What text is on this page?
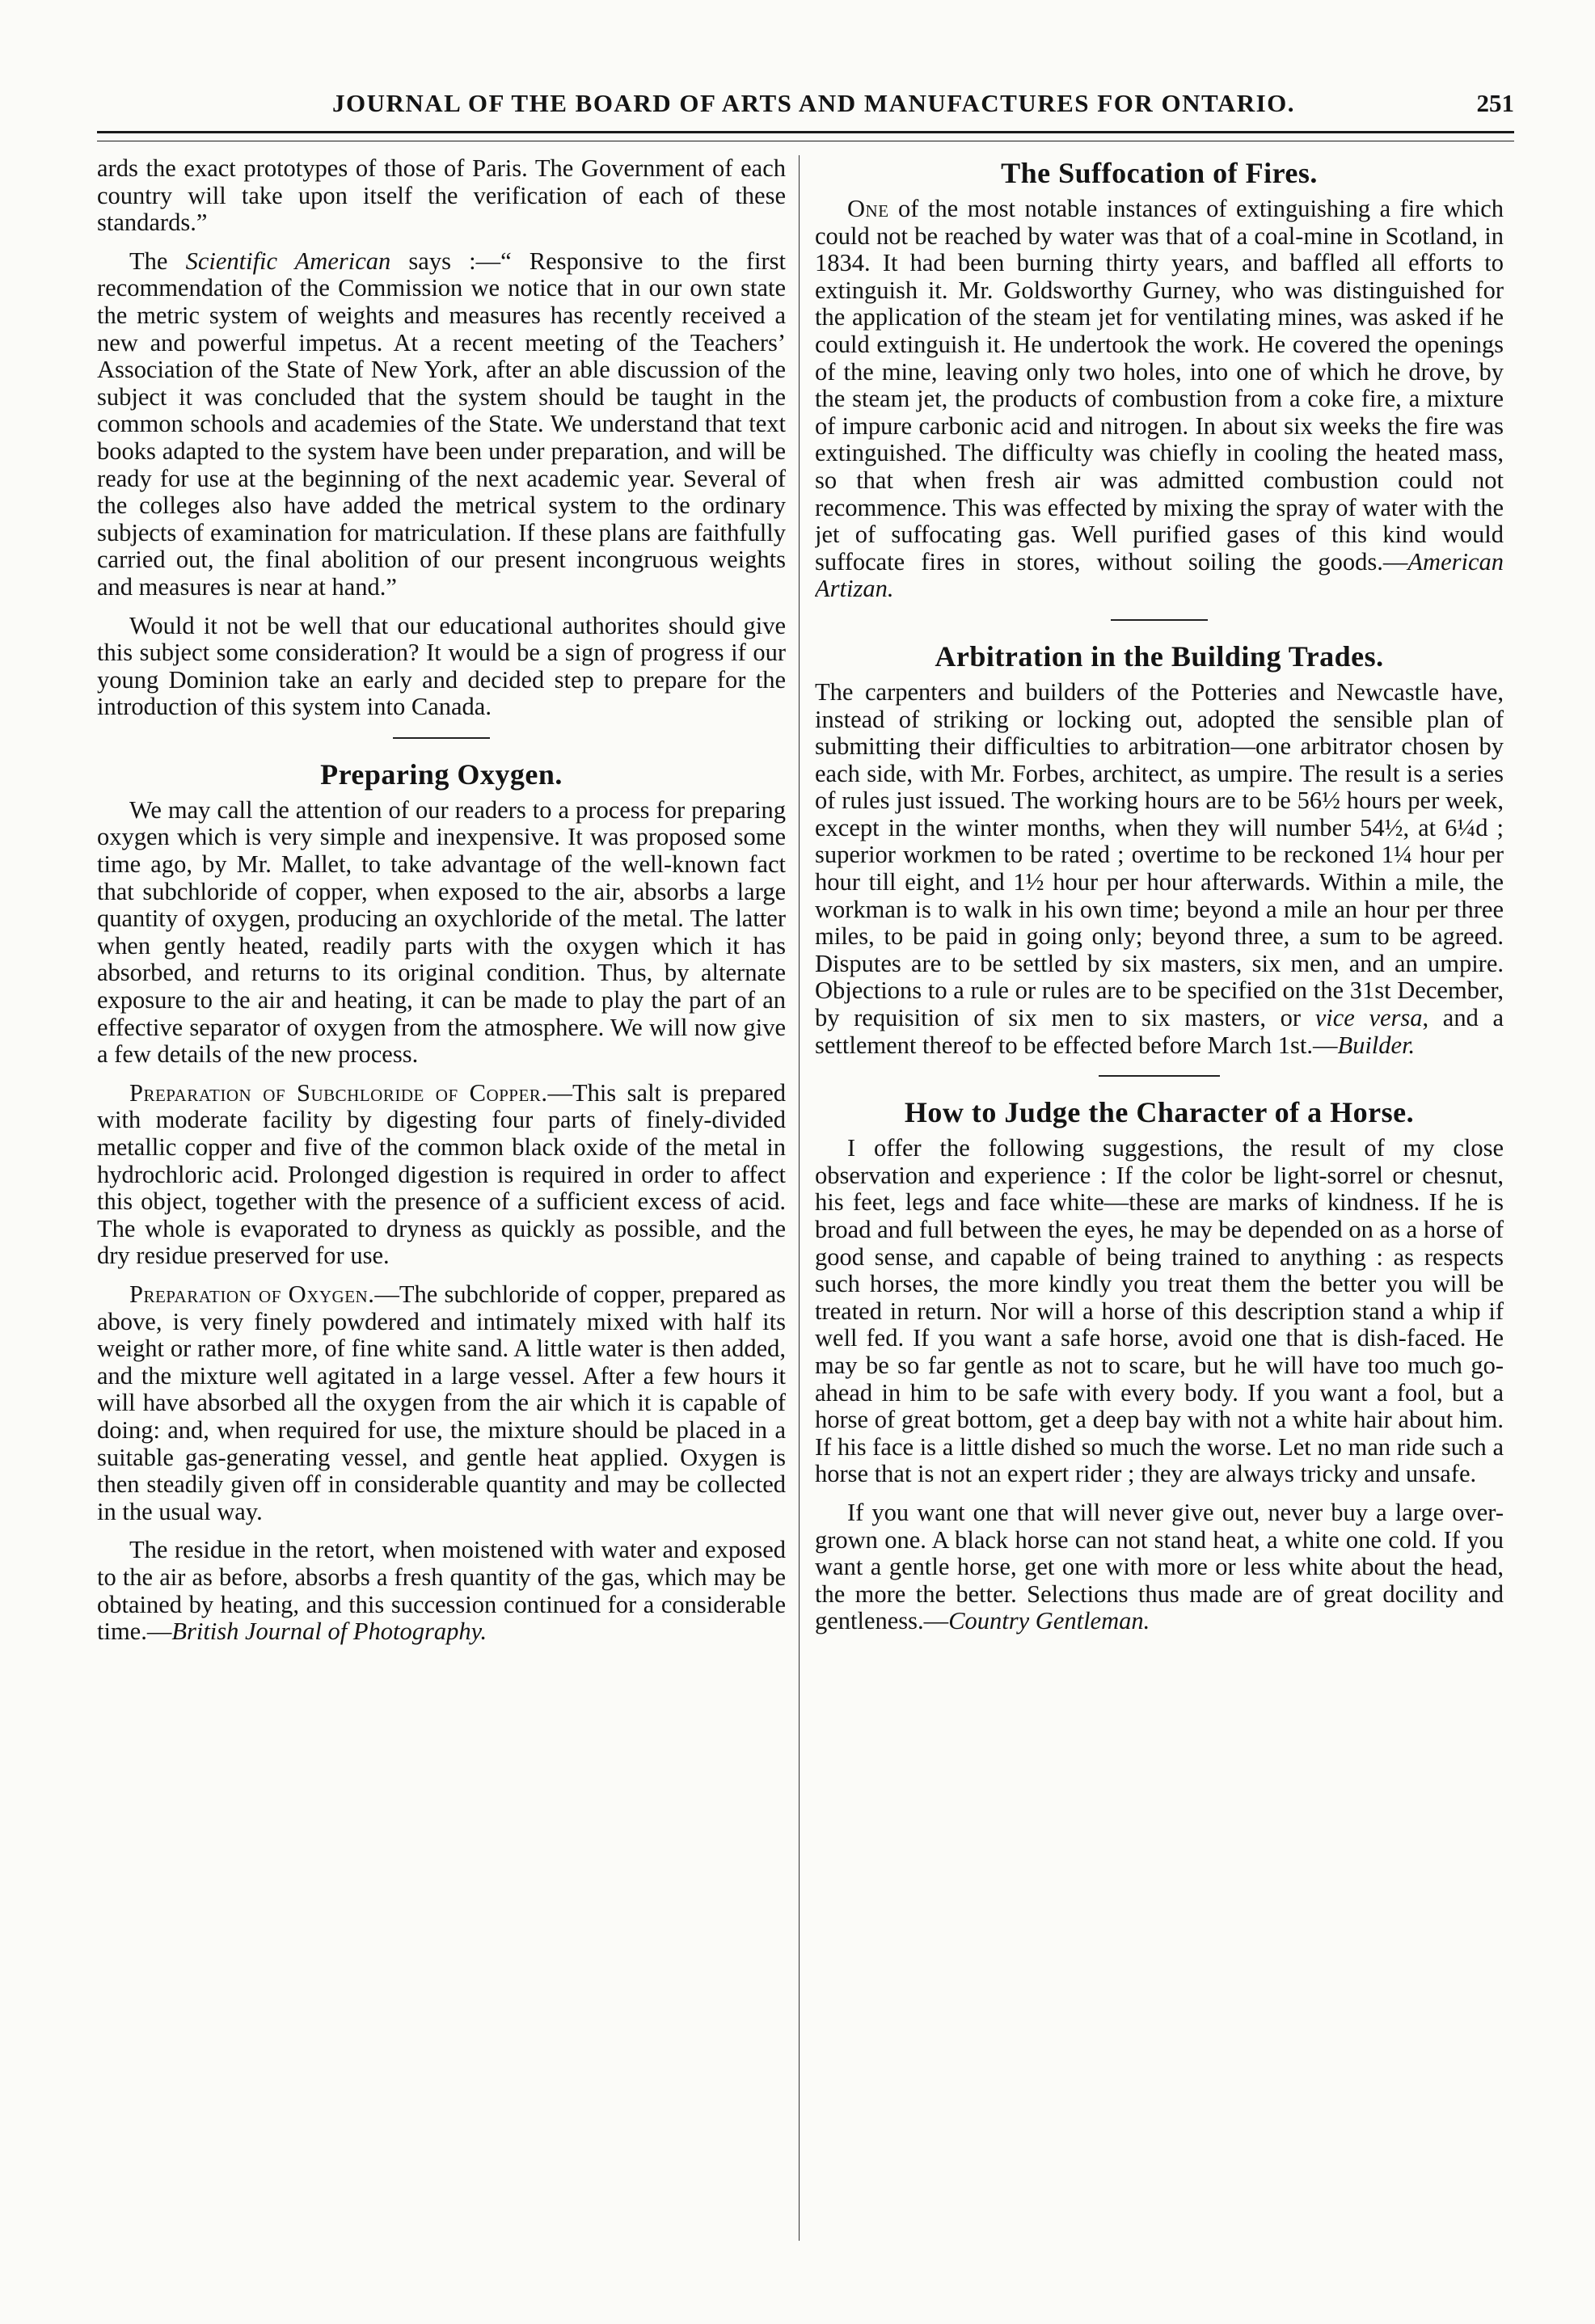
JOURNAL OF THE BOARD OF ARTS AND MANUFACTURES FOR ONTARIO.	251

ards the exact prototypes of those of Paris. The Government of each country will take upon itself the verification of each of these standards.”

The Scientific American says :—“ Responsive to the first recommendation of the Commission we notice that in our own state the metric system of weights and measures has recently received a new and powerful impetus. At a recent meeting of the Teachers’ Association of the State of New York, after an able discussion of the subject it was concluded that the system should be taught in the common schools and academies of the State. We understand that text books adapted to the system have been under preparation, and will be ready for use at the beginning of the next academic year. Several of the colleges also have added the metrical system to the ordinary subjects of examination for matriculation. If these plans are faithfully carried out, the final abolition of our present incongruous weights and measures is near at hand.”

Would it not be well that our educational authorites should give this subject some consideration? It would be a sign of progress if our young Dominion take an early and decided step to prepare for the introduction of this system into Canada.

Preparing Oxygen.

We may call the attention of our readers to a process for preparing oxygen which is very simple and inexpensive. It was proposed some time ago, by Mr. Mallet, to take advantage of the well-known fact that subchloride of copper, when exposed to the air, absorbs a large quantity of oxygen, producing an oxychloride of the metal. The latter when gently heated, readily parts with the oxygen which it has absorbed, and returns to its original condition. Thus, by alternate exposure to the air and heating, it can be made to play the part of an effective separator of oxygen from the atmosphere. We will now give a few details of the new process.

Preparation of Subchloride of Copper.—This salt is prepared with moderate facility by digesting four parts of finely-divided metallic copper and five of the common black oxide of the metal in hydrochloric acid. Prolonged digestion is required in order to affect this object, together with the presence of a sufficient excess of acid. The whole is evaporated to dryness as quickly as possible, and the dry residue preserved for use.

Preparation of Oxygen.—The subchloride of copper, prepared as above, is very finely powdered and intimately mixed with half its weight or rather more, of fine white sand. A little water is then added, and the mixture well agitated in a large vessel. After a few hours it will have absorbed all the oxygen from the air which it is capable of doing: and, when required for use, the mixture should be placed in a suitable gas-generating vessel, and gentle heat applied. Oxygen is then steadily given off in considerable quantity and may be collected in the usual way.

The residue in the retort, when moistened with water and exposed to the air as before, absorbs a fresh quantity of the gas, which may be obtained by heating, and this succession continued for a considerable time.—British Journal of Photography.

The Suffocation of Fires.

One of the most notable instances of extinguishing a fire which could not be reached by water was that of a coal-mine in Scotland, in 1834. It had been burning thirty years, and baffled all efforts to extinguish it. Mr. Goldsworthy Gurney, who was distinguished for the application of the steam jet for ventilating mines, was asked if he could extinguish it. He undertook the work. He covered the openings of the mine, leaving only two holes, into one of which he drove, by the steam jet, the products of combustion from a coke fire, a mixture of impure carbonic acid and nitrogen. In about six weeks the fire was extinguished. The difficulty was chiefly in cooling the heated mass, so that when fresh air was admitted combustion could not recommence. This was effected by mixing the spray of water with the jet of suffocating gas. Well purified gases of this kind would suffocate fires in stores, without soiling the goods.—American Artizan.

Arbitration in the Building Trades.

The carpenters and builders of the Potteries and Newcastle have, instead of striking or locking out, adopted the sensible plan of submitting their difficulties to arbitration—one arbitrator chosen by each side, with Mr. Forbes, architect, as umpire. The result is a series of rules just issued. The working hours are to be 56½ hours per week, except in the winter months, when they will number 54½, at 6¼d ; superior workmen to be rated ; overtime to be reckoned 1¼ hour per hour till eight, and 1½ hour per hour afterwards. Within a mile, the workman is to walk in his own time; beyond a mile an hour per three miles, to be paid in going only; beyond three, a sum to be agreed. Disputes are to be settled by six masters, six men, and an umpire. Objections to a rule or rules are to be specified on the 31st December, by requisition of six men to six masters, or vice versa, and a settlement thereof to be effected before March 1st.—Builder.

How to Judge the Character of a Horse.

I offer the following suggestions, the result of my close observation and experience : If the color be light-sorrel or chesnut, his feet, legs and face white—these are marks of kindness. If he is broad and full between the eyes, he may be depended on as a horse of good sense, and capable of being trained to anything : as respects such horses, the more kindly you treat them the better you will be treated in return. Nor will a horse of this description stand a whip if well fed. If you want a safe horse, avoid one that is dish-faced. He may be so far gentle as not to scare, but he will have too much go-ahead in him to be safe with every body. If you want a fool, but a horse of great bottom, get a deep bay with not a white hair about him. If his face is a little dished so much the worse. Let no man ride such a horse that is not an expert rider ; they are always tricky and unsafe.

If you want one that will never give out, never buy a large over-grown one. A black horse can not stand heat, a white one cold. If you want a gentle horse, get one with more or less white about the head, the more the better. Selections thus made are of great docility and gentleness.—Country Gentleman.
